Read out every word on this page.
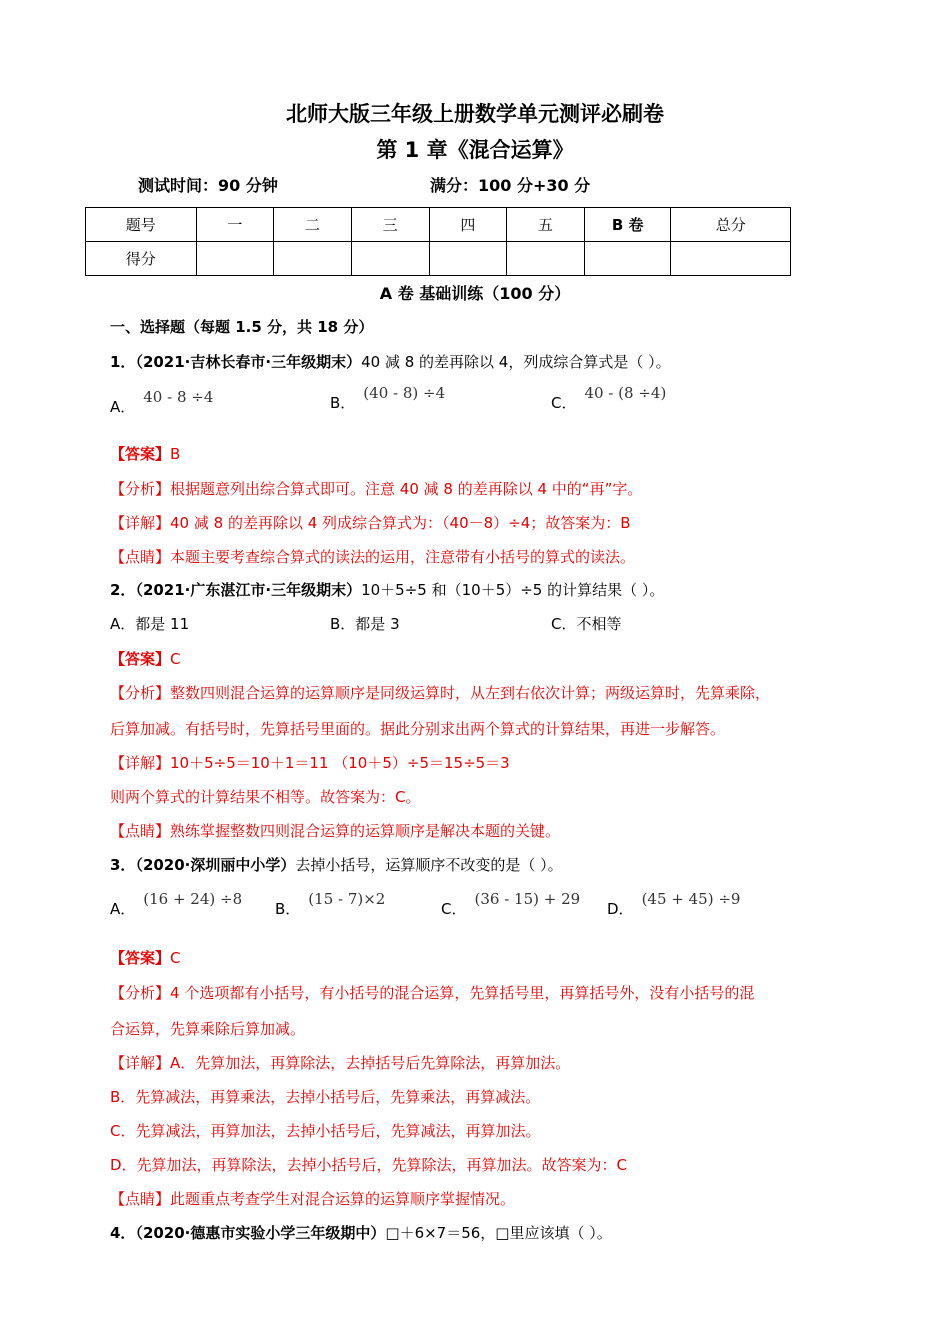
北师大版三年级上册数学单元测评必刷卷
第 1 章《混合运算》
测试时间：90 分钟	满分：100 分+30 分
题号	一	二	三	四	五	B 卷	总分
得分							
A 卷 基础训练（100 分）
一、选择题（每题 1.5 分，共 18 分）
1．（2021·吉林长春市·三年级期末）40 减 8 的差再除以 4，列成综合算式是（ ）。
A．40 - 8 ÷4	B．(40 - 8) ÷4
C．40 - (8 ÷4)
【答案】B
【分析】根据题意列出综合算式即可。注意 40 减 8 的差再除以 4 中的“再”字。
【详解】40 减 8 的差再除以 4 列成综合算式为：（40－8）÷4；故答案为：B
【点睛】本题主要考查综合算式的读法的运用，注意带有小括号的算式的读法。
2．（2021·广东湛江市·三年级期末）10＋5÷5 和（10＋5）÷5 的计算结果（ ）。
A．都是 11	B．都是 3	C．不相等
【答案】C
【分析】整数四则混合运算的运算顺序是同级运算时，从左到右依次计算；两级运算时，先算乘除，
后算加减。有括号时，先算括号里面的。据此分别求出两个算式的计算结果，再进一步解答。
【详解】10＋5÷5＝10＋1＝11 （10＋5）÷5＝15÷5＝3
则两个算式的计算结果不相等。故答案为：C。
【点睛】熟练掌握整数四则混合运算的运算顺序是解决本题的关键。
3．（2020·深圳丽中小学）去掉小括号，运算顺序不改变的是（ ）。
A．(16 + 24) ÷8
B．(15 - 7)×2
C．(36 - 15) + 29
D．(45 + 45) ÷9
【答案】C
【分析】4 个选项都有小括号，有小括号的混合运算，先算括号里，再算括号外，没有小括号的混
合运算，先算乘除后算加减。
【详解】A．先算加法，再算除法，去掉括号后先算除法，再算加法。
B．先算减法，再算乘法，去掉小括号后，先算乘法，再算减法。
C．先算减法，再算加法，去掉小括号后，先算减法，再算加法。
D．先算加法，再算除法，去掉小括号后，先算除法，再算加法。故答案为：C
【点睛】此题重点考查学生对混合运算的运算顺序掌握情况。
4．（2020·德惠市实验小学三年级期中）□＋6×7＝56，□里应该填（ ）。
